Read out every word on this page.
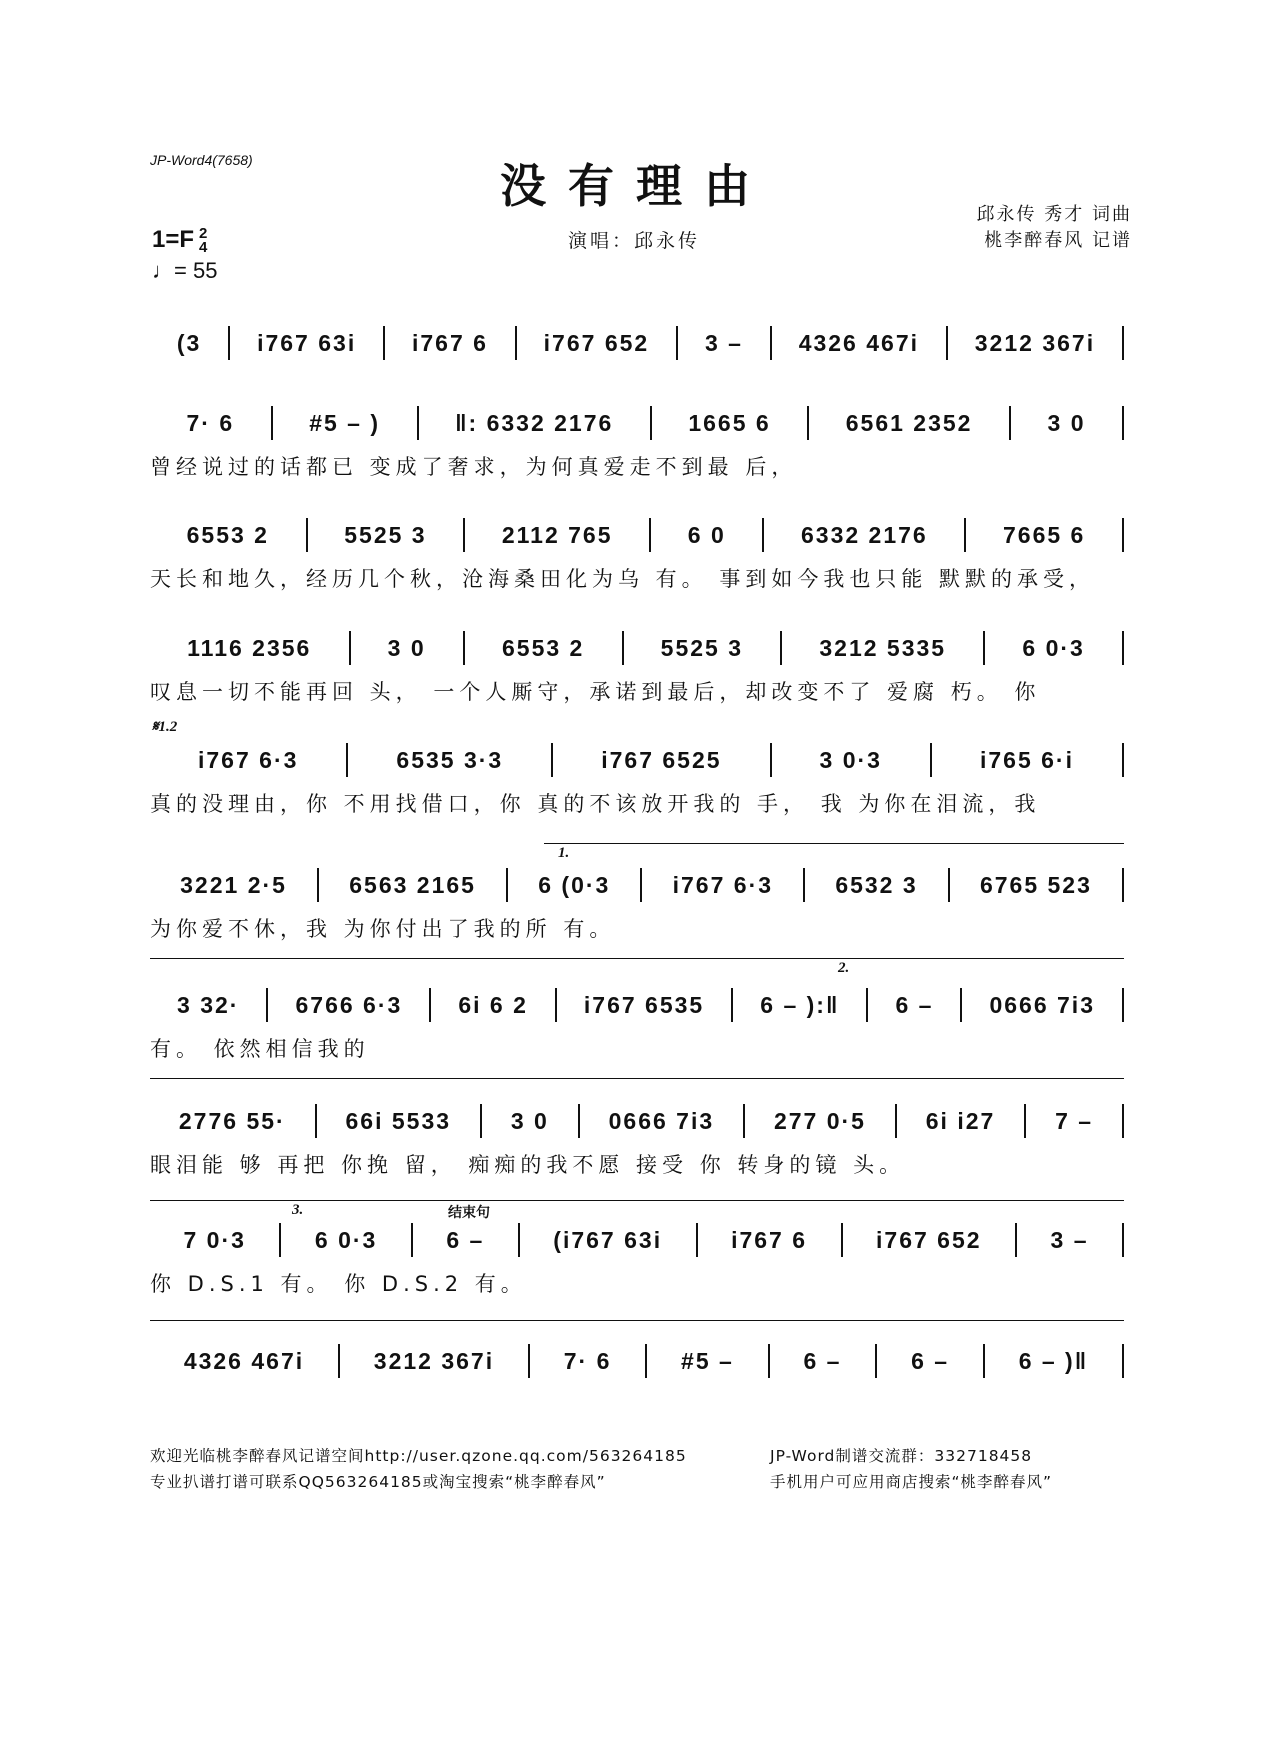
JP-Word4(7658)	没有理由
演唱：邱永传
邱永传 秀才 词曲
桃李醉春风 记谱
1=F 2
4
♩= 55
(3	i767 63i	i767 6	i767 652	3 –	4326 467i	3212 367i
7· 6	#5 – )	‖: 6332 2176	1665 6	6561 2352	3 0
曾经说过的话都已 变成了奢求，为何真爱走不到最 后，
6553 2	5525 3	2112 765	6 0	6332 2176	7665 6
天长和地久，经历几个秋，沧海桑田化为乌 有。 事到如今我也只能 默默的承受，
1116 2356	3 0	6553 2	5525 3	3212 5335	6 0·3
叹息一切不能再回 头， 一个人厮守，承诺到最后，却改变不了 爱腐 朽。 你
i767 6·3	6535 3·3	i767 6525	3 0·3	i765 6·i
真的没理由，你 不用找借口，你 真的不该放开我的 手， 我 为你在泪流，我
3221 2·5	6563 2165	6 (0·3	i767 6·3	6532 3	6765 523
为你爱不休，我 为你付出了我的所 有。
3 32·	6766 6·3	6i 6 2	i767 6535	6 – ):‖	6 –	0666 7i3
有。 依然相信我的
2776 55·	66i 5533	3 0	0666 7i3	277 0·5	6i i27	7 –
眼泪能 够 再把 你挽 留， 痴痴的我不愿 接受 你 转身的镜 头。
7 0·3	6 0·3	6 –	(i767 63i	i767 6	i767 652	3 –
你 D.S.1 有。 你 D.S.2 有。
4326 467i	3212 367i	7· 6	#5 –	6 –	6 –	6 – )‖
𝄋1.2
1.
2.
3.	结束句
欢迎光临桃李醉春风记谱空间http://user.qzone.qq.com/563264185	JP-Word制谱交流群：332718458
专业扒谱打谱可联系QQ563264185或淘宝搜索“桃李醉春风”	手机用户可应用商店搜索“桃李醉春风”
